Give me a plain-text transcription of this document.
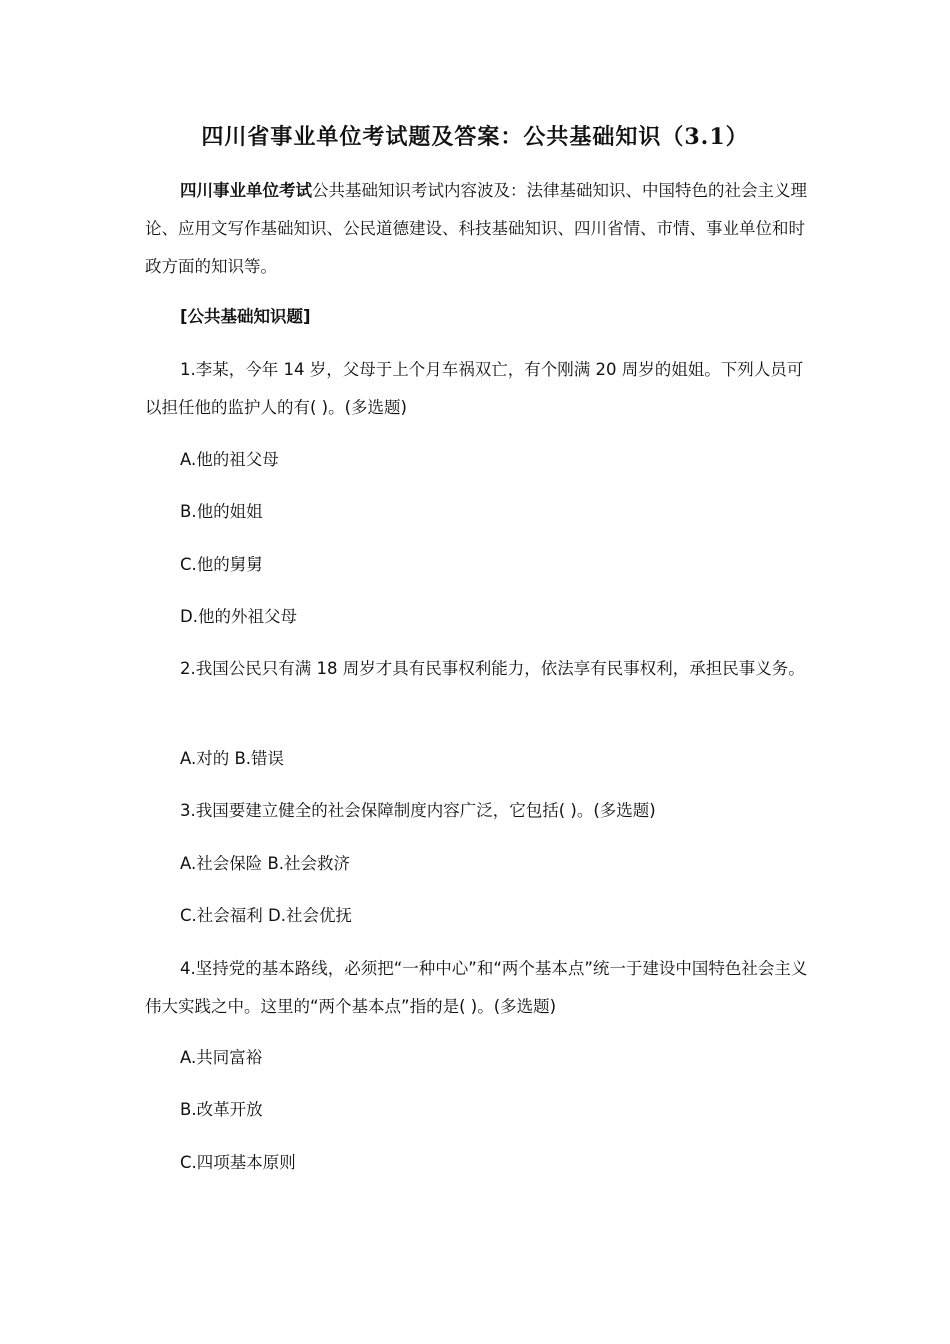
四川省事业单位考试题及答案：公共基础知识（3.1）

四川事业单位考试公共基础知识考试内容波及：法律基础知识、中国特色的社会主义理论、应用文写作基础知识、公民道德建设、科技基础知识、四川省情、市情、事业单位和时政方面的知识等。

[公共基础知识题]

1.李某，今年 14 岁，父母于上个月车祸双亡，有个刚满 20 周岁的姐姐。下列人员可以担任他的监护人的有( )。(多选题)

A.他的祖父母

B.他的姐姐

C.他的舅舅

D.他的外祖父母

2.我国公民只有满 18 周岁才具有民事权利能力，依法享有民事权利，承担民事义务。

A.对的 B.错误

3.我国要建立健全的社会保障制度内容广泛，它包括( )。(多选题)

A.社会保险 B.社会救济

C.社会福利 D.社会优抚

4.坚持党的基本路线，必须把“一种中心”和“两个基本点”统一于建设中国特色社会主义伟大实践之中。这里的“两个基本点”指的是( )。(多选题)

A.共同富裕

B.改革开放

C.四项基本原则
